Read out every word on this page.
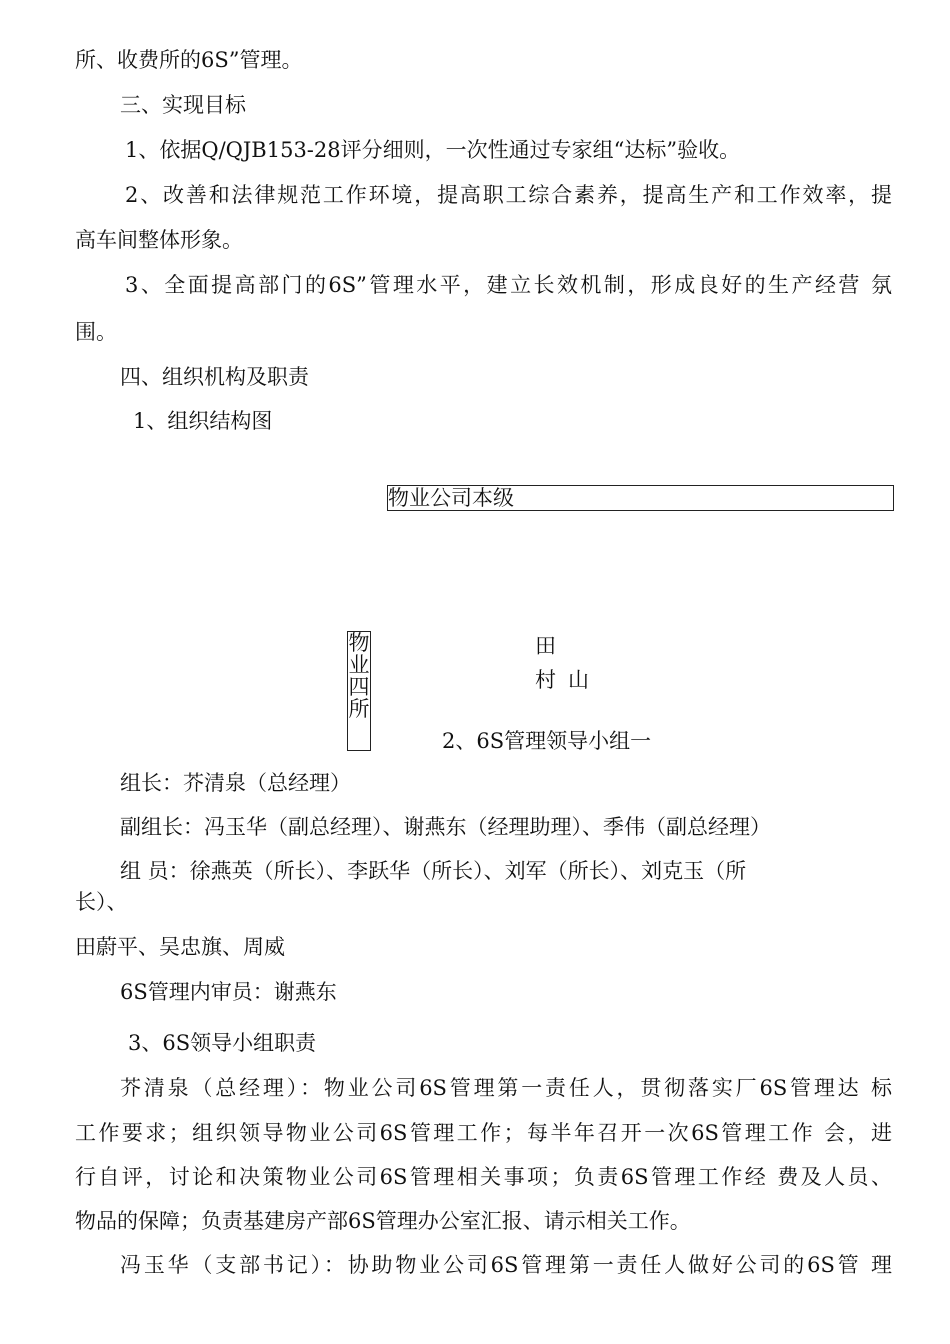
所、收费所的6S”管理。
三、实现目标
1、依据Q/QJB153-28评分细则，一次性通过专家组“达标”验收。
2、改善和法律规范工作环境，提高职工综合素养，提高生产和工作效率，提
高车间整体形象。
3、全面提高部门的6S”管理水平，建立长效机制，形成良好的生产经营 氛
围。
四、组织机构及职责
1、组织结构图
物业公司本级
物
业
四
所
田
村 山
2、6S管理领导小组一
组长：芥清泉（总经理）
副组长：冯玉华（副总经理）、谢燕东（经理助理）、季伟（副总经理）
组 员：徐燕英（所长）、李跃华（所长）、刘军（所长）、刘克玉（所
长）、
田蔚平、吴忠旗、周威
6S管理内审员：谢燕东
3、6S领导小组职责
芥清泉（总经理）：物业公司6S管理第一责任人，贯彻落实厂6S管理达 标
工作要求；组织领导物业公司6S管理工作；每半年召开一次6S管理工作 会，进
行自评，讨论和决策物业公司6S管理相关事项；负责6S管理工作经 费及人员、
物品的保障；负责基建房产部6S管理办公室汇报、请示相关工作。
冯玉华（支部书记）：协助物业公司6S管理第一责任人做好公司的6S管 理
